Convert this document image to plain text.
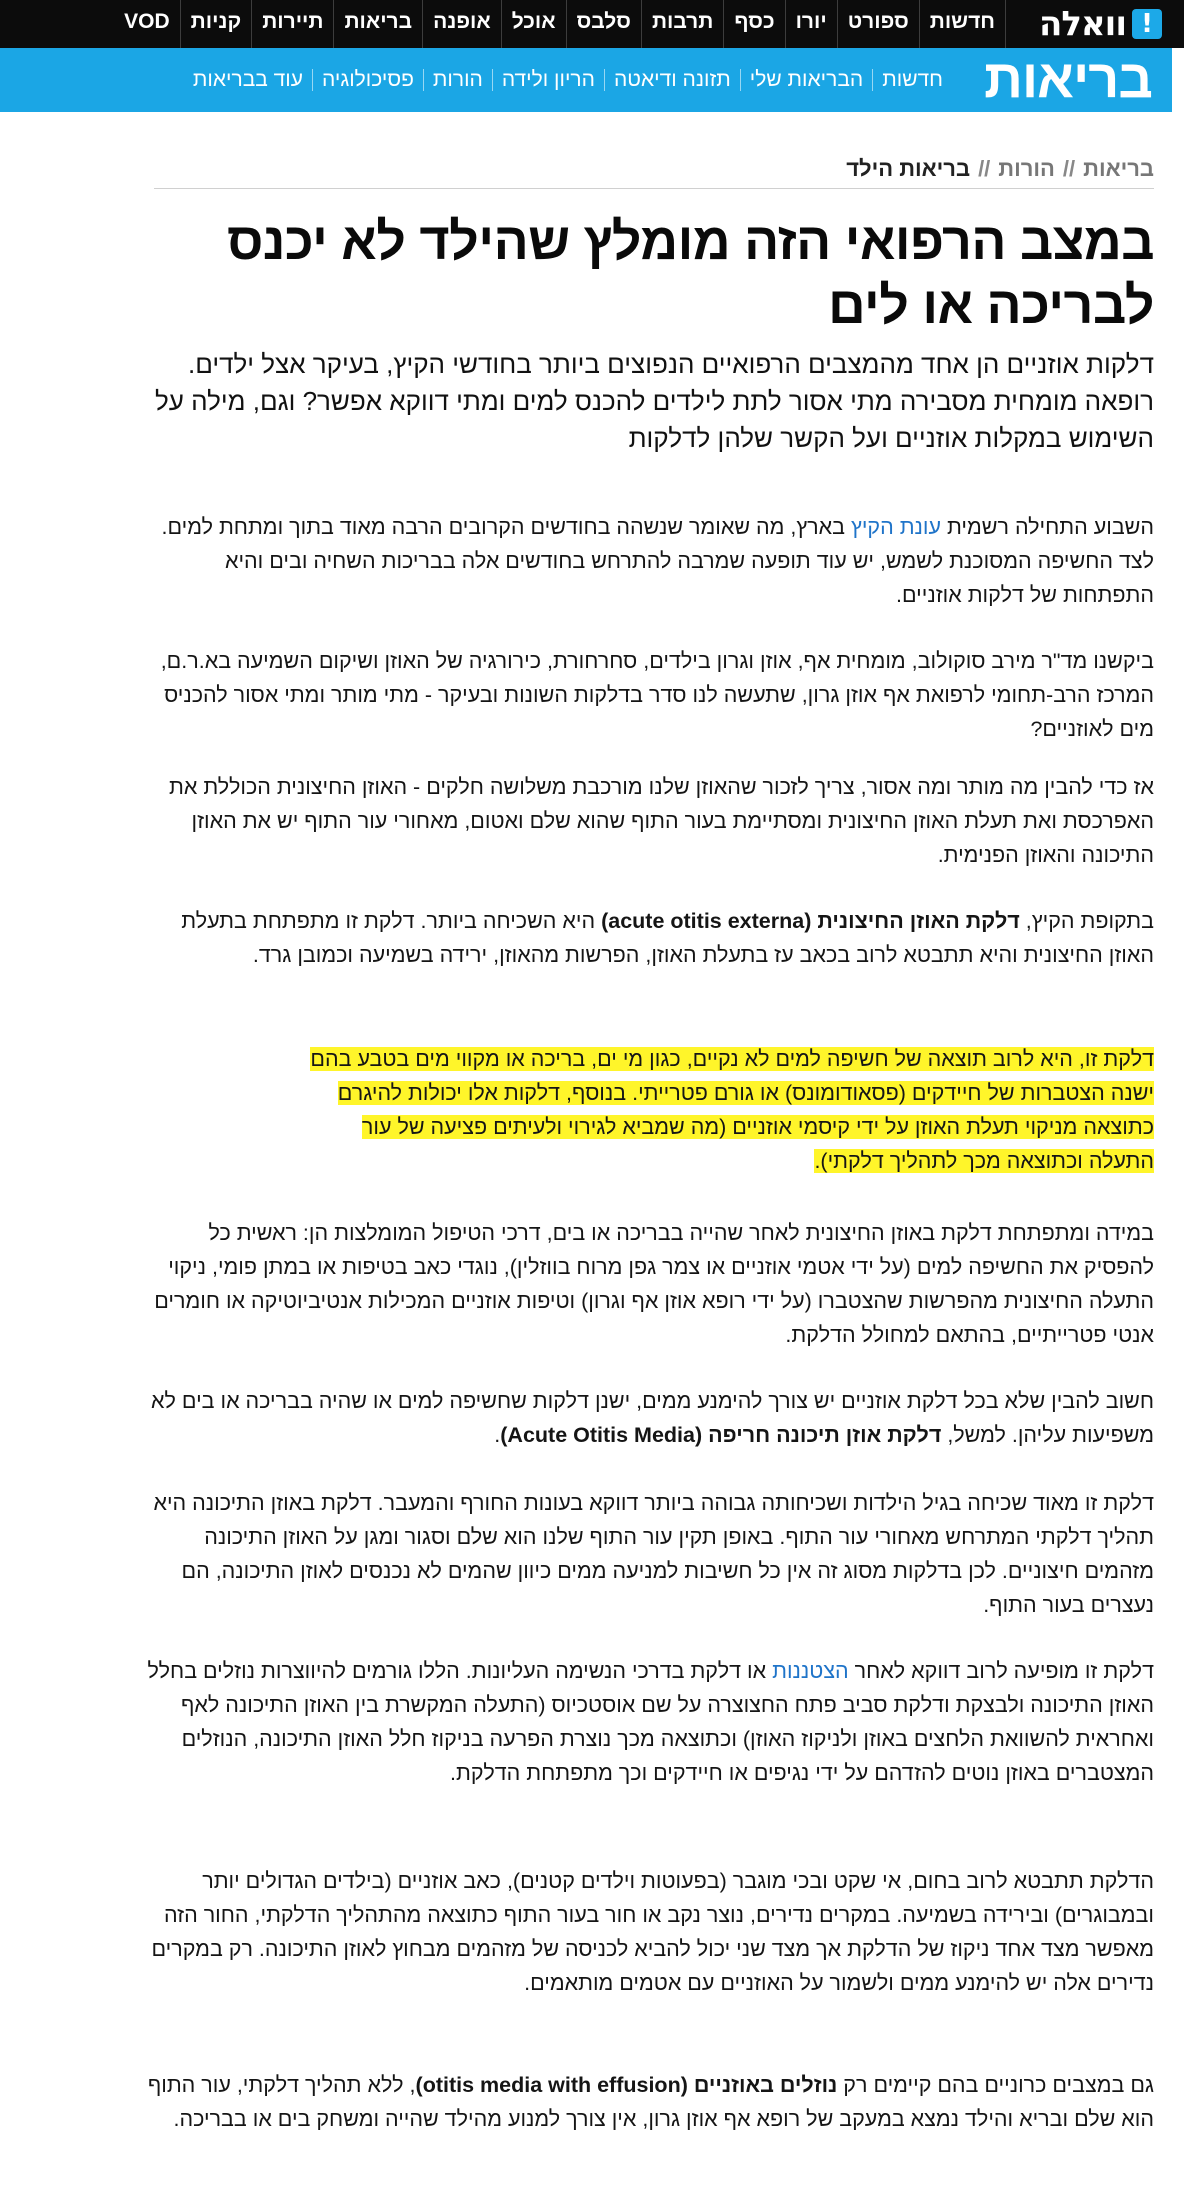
וואלה !
חדשות
ספורט
יורו
כסף
תרבות
סלבס
אוכל
אופנה
בריאות
תיירות
קניות
VOD
בריאות
חדשות
הבריאות שלי
תזונה ודיאטה
הריון ולידה
הורות
פסיכולוגיה
עוד בבריאות
בריאות
//
הורות
//
בריאות הילד
במצב הרפואי הזה מומלץ שהילד לא יכנס לבריכה או לים

דלקות אוזניים הן אחד מהמצבים הרפואיים הנפוצים ביותר בחודשי הקיץ, בעיקר אצל ילדים. רופאה מומחית מסבירה מתי אסור לתת לילדים להכנס למים ומתי דווקא אפשר? וגם, מילה על השימוש במקלות אוזניים ועל הקשר שלהן לדלקות

השבוע התחילה רשמית עונת הקיץ בארץ, מה שאומר שנשהה בחודשים הקרובים הרבה מאוד בתוך ומתחת למים. לצד החשיפה המסוכנת לשמש, יש עוד תופעה שמרבה להתרחש בחודשים אלה בבריכות השחיה ובים והיא התפתחות של דלקות אוזניים.

ביקשנו מד"ר מירב סוקולוב, מומחית אף, אוזן וגרון בילדים, סחרחורת, כירורגיה של האוזן ושיקום השמיעה בא.ר.ם, המרכז הרב-תחומי לרפואת אף אוזן גרון, שתעשה לנו סדר בדלקות השונות ובעיקר - מתי מותר ומתי אסור להכניס מים לאוזניים?

אז כדי להבין מה מותר ומה אסור, צריך לזכור שהאוזן שלנו מורכבת משלושה חלקים - האוזן החיצונית הכוללת את האפרכסת ואת תעלת האוזן החיצונית ומסתיימת בעור התוף שהוא שלם ואטום, מאחורי עור התוף יש את האוזן התיכונה והאוזן הפנימית.

בתקופת הקיץ, דלקת האוזן החיצונית (acute otitis externa) היא השכיחה ביותר. דלקת זו מתפתחת בתעלת האוזן החיצונית והיא תתבטא לרוב בכאב עז בתעלת האוזן, הפרשות מהאוזן, ירידה בשמיעה וכמובן גרד.

דלקת זו, היא לרוב תוצאה של חשיפה למים לא נקיים, כגון מי ים, בריכה או מקווי מים בטבע בהם
ישנה הצטברות של חיידקים (פסאודומונס) או גורם פטרייתי. בנוסף, דלקות אלו יכולות להיגרם
כתוצאה מניקוי תעלת האוזן על ידי קיסמי אוזניים (מה שמביא לגירוי ולעיתים פציעה של עור
התעלה וכתוצאה מכך לתהליך דלקתי).

במידה ומתפתחת דלקת באוזן החיצונית לאחר שהייה בבריכה או בים, דרכי הטיפול המומלצות הן: ראשית כל להפסיק את החשיפה למים (על ידי אטמי אוזניים או צמר גפן מרוח בווזלין), נוגדי כאב בטיפות או במתן פומי, ניקוי התעלה החיצונית מהפרשות שהצטברו (על ידי רופא אוזן אף וגרון) וטיפות אוזניים המכילות אנטיביוטיקה או חומרים אנטי פטרייתיים, בהתאם למחולל הדלקת.

חשוב להבין שלא בכל דלקת אוזניים יש צורך להימנע ממים, ישנן דלקות שחשיפה למים או שהיה בבריכה או בים לא משפיעות עליהן. למשל, דלקת אוזן תיכונה חריפה (Acute Otitis Media).

דלקת זו מאוד שכיחה בגיל הילדות ושכיחותה גבוהה ביותר דווקא בעונות החורף והמעבר. דלקת באוזן התיכונה היא תהליך דלקתי המתרחש מאחורי עור התוף. באופן תקין עור התוף שלנו הוא שלם וסגור ומגן על האוזן התיכונה מזהמים חיצוניים. לכן בדלקות מסוג זה אין כל חשיבות למניעה ממים כיוון שהמים לא נכנסים לאוזן התיכונה, הם נעצרים בעור התוף.

דלקת זו מופיעה לרוב דווקא לאחר הצטננות או דלקת בדרכי הנשימה העליונות. הללו גורמים להיווצרות נוזלים בחלל האוזן התיכונה ולבצקת ודלקת סביב פתח החצוצרה על שם אוסטכיוס (התעלה המקשרת בין האוזן התיכונה לאף ואחראית להשוואת הלחצים באוזן ולניקוז האוזן) וכתוצאה מכך נוצרת הפרעה בניקוז חלל האוזן התיכונה, הנוזלים המצטברים באוזן נוטים להזדהם על ידי נגיפים או חיידקים וכך מתפתחת הדלקת.

הדלקת תתבטא לרוב בחום, אי שקט ובכי מוגבר (בפעוטות וילדים קטנים), כאב אוזניים (בילדים הגדולים יותר ובמבוגרים) ובירידה בשמיעה. במקרים נדירים, נוצר נקב או חור בעור התוף כתוצאה מהתהליך הדלקתי, החור הזה מאפשר מצד אחד ניקוז של הדלקת אך מצד שני יכול להביא לכניסה של מזהמים מבחוץ לאוזן התיכונה. רק במקרים נדירים אלה יש להימנע ממים ולשמור על האוזניים עם אטמים מותאמים.

גם במצבים כרוניים בהם קיימים רק נוזלים באוזניים (otitis media with effusion), ללא תהליך דלקתי, עור התוף הוא שלם ובריא והילד נמצא במעקב של רופא אף אוזן גרון, אין צורך למנוע מהילד שהייה ומשחק בים או בבריכה.
